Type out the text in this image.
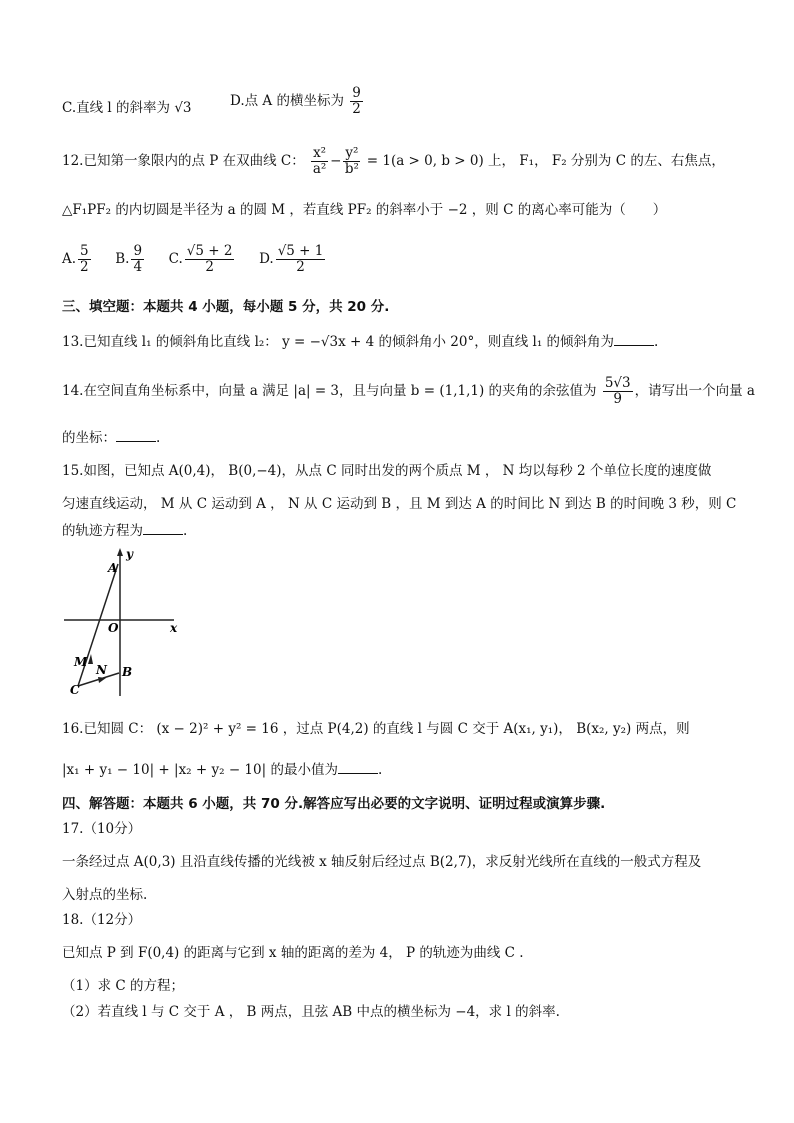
C.直线 l 的斜率为 √3	D.点 A 的横坐标为 $\frac{9}{2}$
12.已知第一象限内的点 P 在双曲线 C： $\frac{\text{x²}}{\text{a²}} - \frac{\text{y²}}{\text{b²}} = 1(a > 0$, b > 0) 上， F₁， F₂ 分别为 C 的左、右焦点，
△F₁PF₂ 的内切圆是半径为 a 的圆 M ，若直线 PF₂ 的斜率小于 −2 ，则 C 的离心率可能为（　　）
A. $\frac{5}{2} B$. $\frac{9}{4} C$. $\frac{√5 + 2}{2} D$. $\frac{√5 + 1}{2}$
三、填空题：本题共 4 小题，每小题 5 分，共 20 分.
13.已知直线 l₁ 的倾斜角比直线 l₂： y = −√3x + 4 的倾斜角小 20°，则直线 l₁ 的倾斜角为	.
14.在空间直角坐标系中，向量 a 满足 |a| = 3，且与向量 b = (1,1,1) 的夹角的余弦值为 $\frac{5√3}{9}$ ，请写出一个向量 a
的坐标：	.
15.如图，已知点 A(0,4)， B(0,−4)，从点 C 同时出发的两个质点 M ， N 均以每秒 2 个单位长度的速度做
匀速直线运动， M 从 C 运动到 A ， N 从 C 运动到 B ，且 M 到达 A 的时间比 N 到达 B 的时间晚 3 秒，则 C
的轨迹方程为	.
y
x
A
O
M
N B
C
16.已知圆 C： (x − 2)² + y² = 16 ，过点 P(4,2) 的直线 l 与圆 C 交于 A(x₁, y₁)， B(x₂, y₂) 两点，则
|x₁ + y₁ − 10| + |x₂ + y₂ − 10| 的最小值为	.
四、解答题：本题共 6 小题，共 70 分.解答应写出必要的文字说明、证明过程或演算步骤.
17.（10分）
一条经过点 A(0,3) 且沿直线传播的光线被 x 轴反射后经过点 B(2,7)，求反射光线所在直线的一般式方程及
入射点的坐标.
18.（12分）
已知点 P 到 F(0,4) 的距离与它到 x 轴的距离的差为 4， P 的轨迹为曲线 C .
（1）求 C 的方程；
（2）若直线 l 与 C 交于 A ， B 两点，且弦 AB 中点的横坐标为 −4，求 l 的斜率.
